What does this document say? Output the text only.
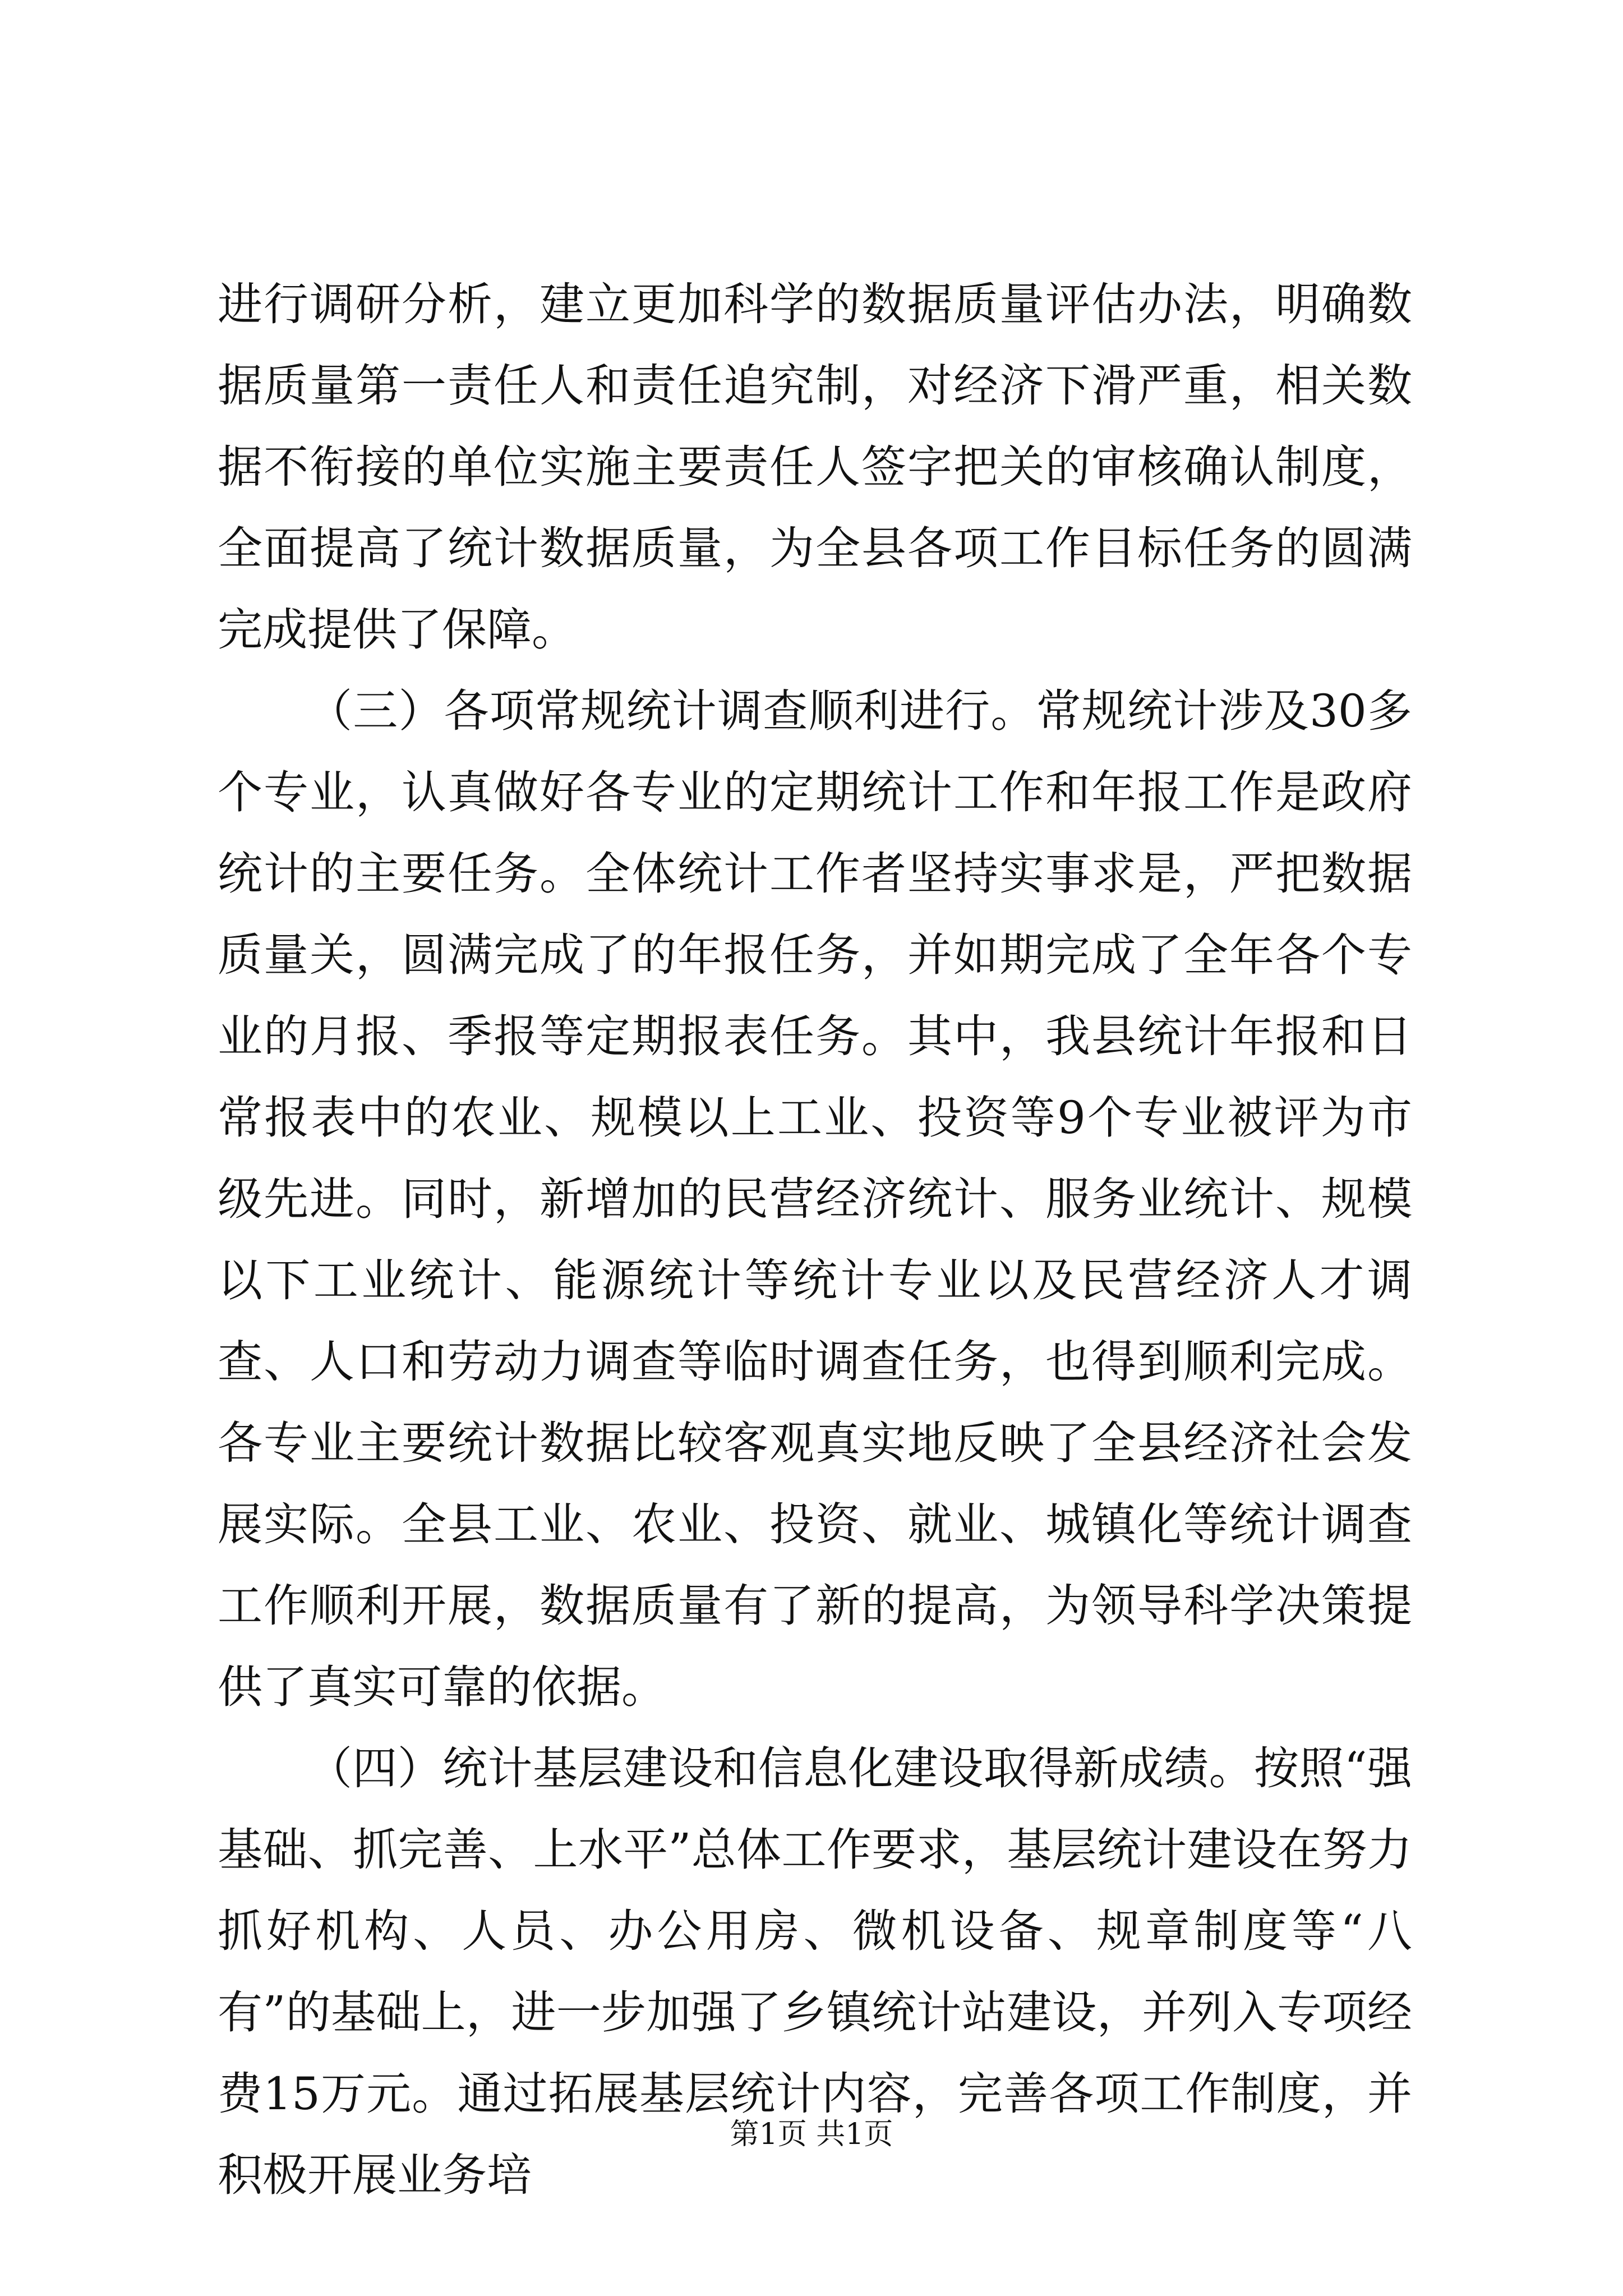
进行调研分析，建立更加科学的数据质量评估办法，明确数据质量第一责任人和责任追究制，对经济下滑严重，相关数据不衔接的单位实施主要责任人签字把关的审核确认制度，全面提高了统计数据质量，为全县各项工作目标任务的圆满完成提供了保障。

（三）各项常规统计调查顺利进行。常规统计涉及30多个专业，认真做好各专业的定期统计工作和年报工作是政府统计的主要任务。全体统计工作者坚持实事求是，严把数据质量关，圆满完成了的年报任务，并如期完成了全年各个专业的月报、季报等定期报表任务。其中，我县统计年报和日常报表中的农业、规模以上工业、投资等9个专业被评为市级先进。同时，新增加的民营经济统计、服务业统计、规模以下工业统计、能源统计等统计专业以及民营经济人才调查、人口和劳动力调查等临时调查任务，也得到顺利完成。各专业主要统计数据比较客观真实地反映了全县经济社会发展实际。全县工业、农业、投资、就业、城镇化等统计调查工作顺利开展，数据质量有了新的提高，为领导科学决策提供了真实可靠的依据。

（四）统计基层建设和信息化建设取得新成绩。按照“强基础、抓完善、上水平”总体工作要求，基层统计建设在努力抓好机构、人员、办公用房、微机设备、规章制度等“八有”的基础上，进一步加强了乡镇统计站建设，并列入专项经费15万元。通过拓展基层统计内容，完善各项工作制度，并积极开展业务培

第1页 共1页
